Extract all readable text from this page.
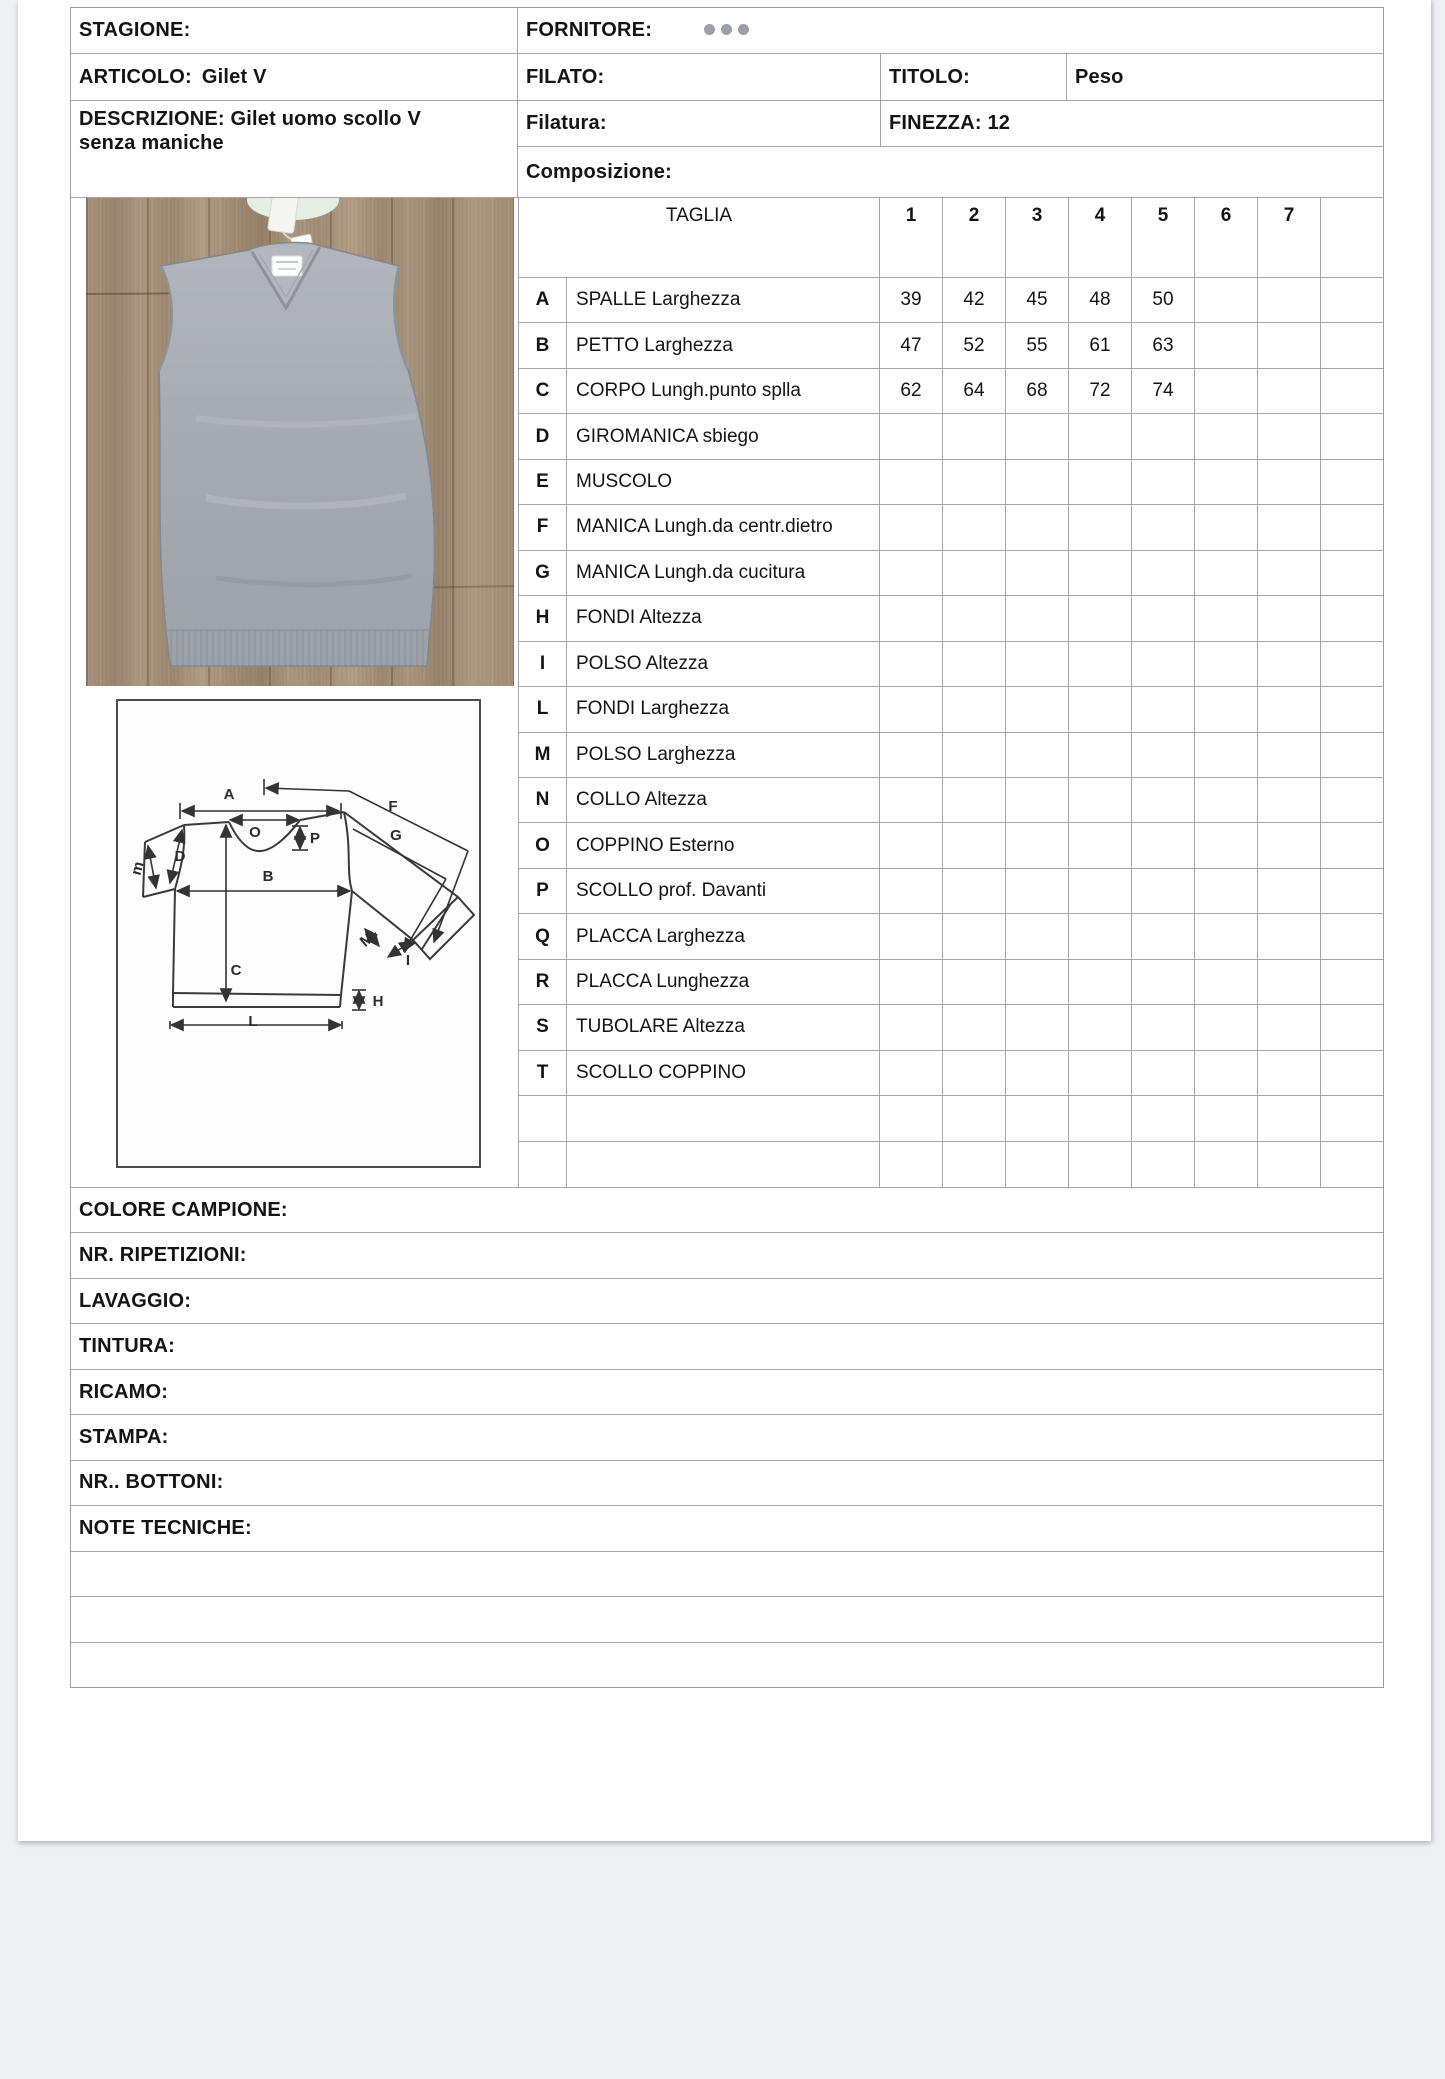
STAGIONE:	FORNITORE:
ARTICOLO: Gilet V	FILATO:	TITOLO:	Peso
DESCRIZIONE: Gilet uomo scollo V senza maniche
Filatura:	FINEZZA: 12
Composizione:
A
F
G
D
m
O	P
B
M
I
C
H
L
TAGLIA	1	2	3	4	5	6	7
A	SPALLE Larghezza	39	42	45	48	50
B	PETTO Larghezza	47	52	55	61	63
C	CORPO Lungh.punto splla	62	64	68	72	74
D	GIROMANICA sbiego
E	MUSCOLO
F	MANICA Lungh.da centr.dietro
G	MANICA Lungh.da cucitura
H	FONDI Altezza
I	POLSO Altezza
L	FONDI Larghezza
M	POLSO Larghezza
N	COLLO Altezza
O	COPPINO Esterno
P	SCOLLO prof. Davanti
Q	PLACCA Larghezza
R	PLACCA Lunghezza
S	TUBOLARE Altezza
T	SCOLLO COPPINO
COLORE CAMPIONE:
NR. RIPETIZIONI:
LAVAGGIO:
TINTURA:
RICAMO:
STAMPA:
NR.. BOTTONI:
NOTE TECNICHE:
